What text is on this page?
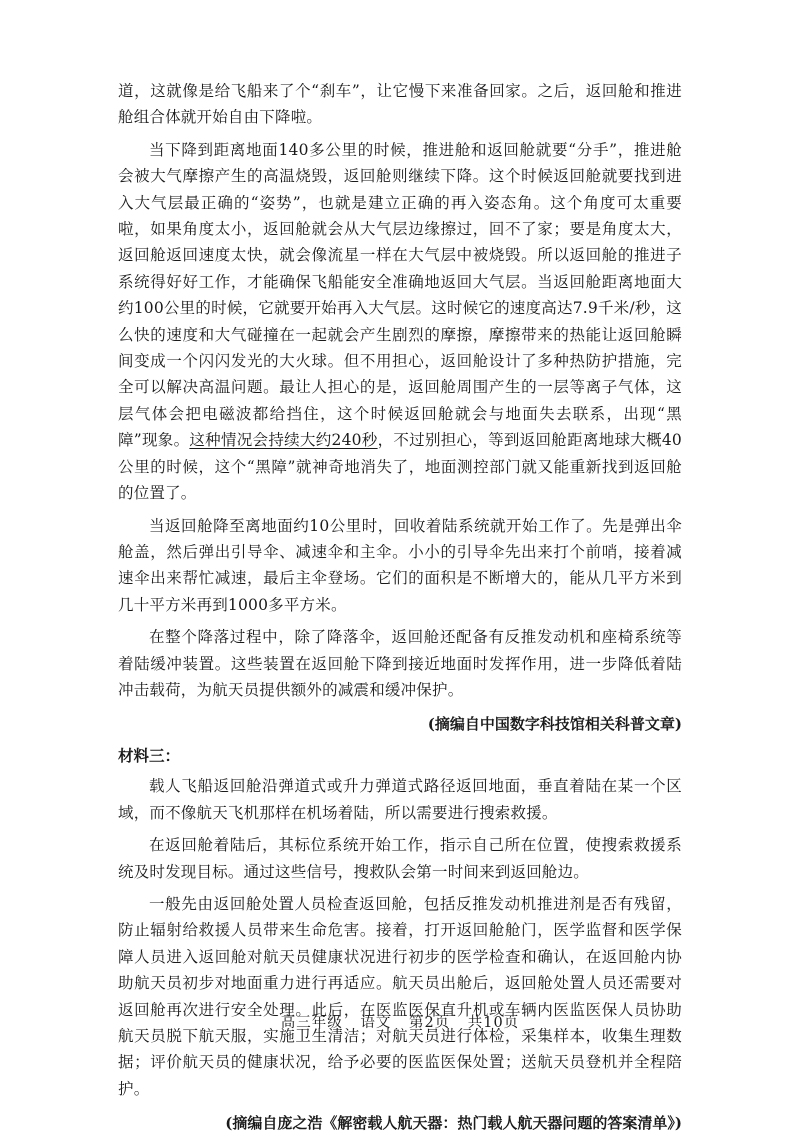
道，这就像是给飞船来了个“刹车”，让它慢下来准备回家。之后，返回舱和推进舱组合体就开始自由下降啦。

当下降到距离地面140多公里的时候，推进舱和返回舱就要“分手”，推进舱会被大气摩擦产生的高温烧毁，返回舱则继续下降。这个时候返回舱就要找到进入大气层最正确的“姿势”，也就是建立正确的再入姿态角。这个角度可太重要啦，如果角度太小，返回舱就会从大气层边缘擦过，回不了家；要是角度太大，返回舱返回速度太快，就会像流星一样在大气层中被烧毁。所以返回舱的推进子系统得好好工作，才能确保飞船能安全准确地返回大气层。当返回舱距离地面大约100公里的时候，它就要开始再入大气层。这时候它的速度高达7.9千米/秒，这么快的速度和大气碰撞在一起就会产生剧烈的摩擦，摩擦带来的热能让返回舱瞬间变成一个闪闪发光的大火球。但不用担心，返回舱设计了多种热防护措施，完全可以解决高温问题。最让人担心的是，返回舱周围产生的一层等离子气体，这层气体会把电磁波都给挡住，这个时候返回舱就会与地面失去联系，出现“黑障”现象。这种情况会持续大约240秒，不过别担心，等到返回舱距离地球大概40公里的时候，这个“黑障”就神奇地消失了，地面测控部门就又能重新找到返回舱的位置了。

当返回舱降至离地面约10公里时，回收着陆系统就开始工作了。先是弹出伞舱盖，然后弹出引导伞、减速伞和主伞。小小的引导伞先出来打个前哨，接着减速伞出来帮忙减速，最后主伞登场。它们的面积是不断增大的，能从几平方米到几十平方米再到1000多平方米。

在整个降落过程中，除了降落伞，返回舱还配备有反推发动机和座椅系统等着陆缓冲装置。这些装置在返回舱下降到接近地面时发挥作用，进一步降低着陆冲击载荷，为航天员提供额外的减震和缓冲保护。

(摘编自中国数字科技馆相关科普文章)

材料三：

载人飞船返回舱沿弹道式或升力弹道式路径返回地面，垂直着陆在某一个区域，而不像航天飞机那样在机场着陆，所以需要进行搜索救援。

在返回舱着陆后，其标位系统开始工作，指示自己所在位置，使搜索救援系统及时发现目标。通过这些信号，搜救队会第一时间来到返回舱边。

一般先由返回舱处置人员检查返回舱，包括反推发动机推进剂是否有残留，防止辐射给救援人员带来生命危害。接着，打开返回舱舱门，医学监督和医学保障人员进入返回舱对航天员健康状况进行初步的医学检查和确认，在返回舱内协助航天员初步对地面重力进行再适应。航天员出舱后，返回舱处置人员还需要对返回舱再次进行安全处理。此后，在医监医保直升机或车辆内医监医保人员协助航天员脱下航天服，实施卫生清洁；对航天员进行体检，采集样本，收集生理数据；评价航天员的健康状况，给予必要的医监医保处置；送航天员登机并全程陪护。

(摘编自庞之浩《解密载人航天器：热门载人航天器问题的答案清单》)

高三年级 语文 第2页 共10页
